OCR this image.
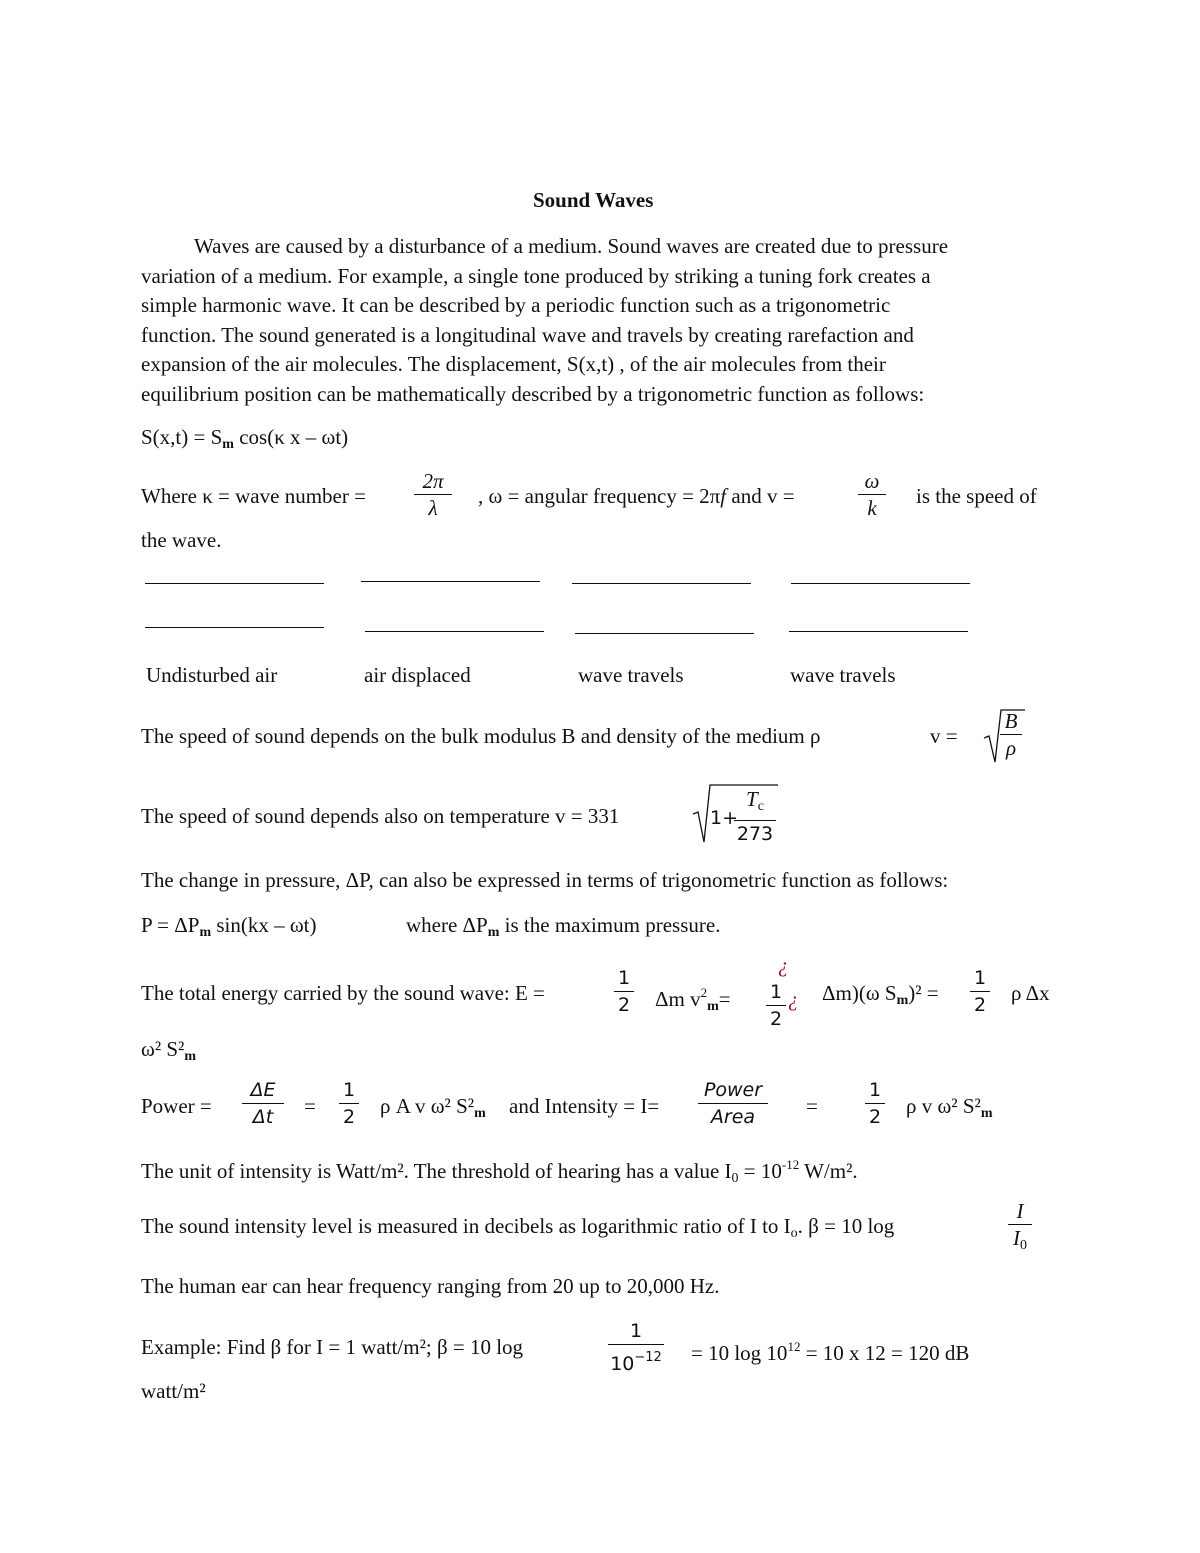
Sound Waves
Waves are caused by a disturbance of a medium. Sound waves are created due to pressure
variation of a medium. For example, a single tone produced by striking a tuning fork creates a
simple harmonic wave. It can be described by a periodic function such as a trigonometric
function. The sound generated is a longitudinal wave and travels by creating rarefaction and
expansion of the air molecules. The displacement, S(x,t) , of the air molecules from their
equilibrium position can be mathematically described by a trigonometric function as follows:
$S(x,t) = S_m$ cos(κ x – ωt)
Where κ = wave number =
2π
λ	, ω = angular frequency = 2πf and v =
ω
k	is the speed of
the wave.
Undisturbed air	air displaced	wave travels	wave travels
The speed of sound depends on the bulk modulus B and density of the medium ρ	v =
B
ρ
The speed of sound depends also on temperature v = 331	1+
$T_c$
273
The change in pressure, ΔP, can also be expressed in terms of trigonometric function as follows:
$P = \Delta P_m$ sin(kx – ωt)	where $\Delta P_m$ is the maximum pressure.
The total energy carried by the sound wave: E =
1
2 Δm $v^2_m=$
¿
1
2
¿ Δm)(ω $S_m)^2$ =
1
2 ρ Δx
ω² $S^2_m$
Power =
ΔE
Δt	=
1
2 ρ A v ω² $S^2_m$ and Intensity = I=
Power
Area	=
1
2 ρ v ω² $S^2_m$
The unit of intensity is Watt/m². The threshold of hearing has a value $I_0 = 10^{-12}$ W/m².
The sound intensity level is measured in decibels as logarithmic ratio of I to $I_o$. β = 10 log
I
$I_0$
The human ear can hear frequency ranging from 20 up to 20,000 Hz.
Example: Find β for I = 1 watt/m²; β = 10 log
1
$10^{-12} = 10$ $\log 10^{12} = 10$ x 12 = 120 dB
watt/m²
